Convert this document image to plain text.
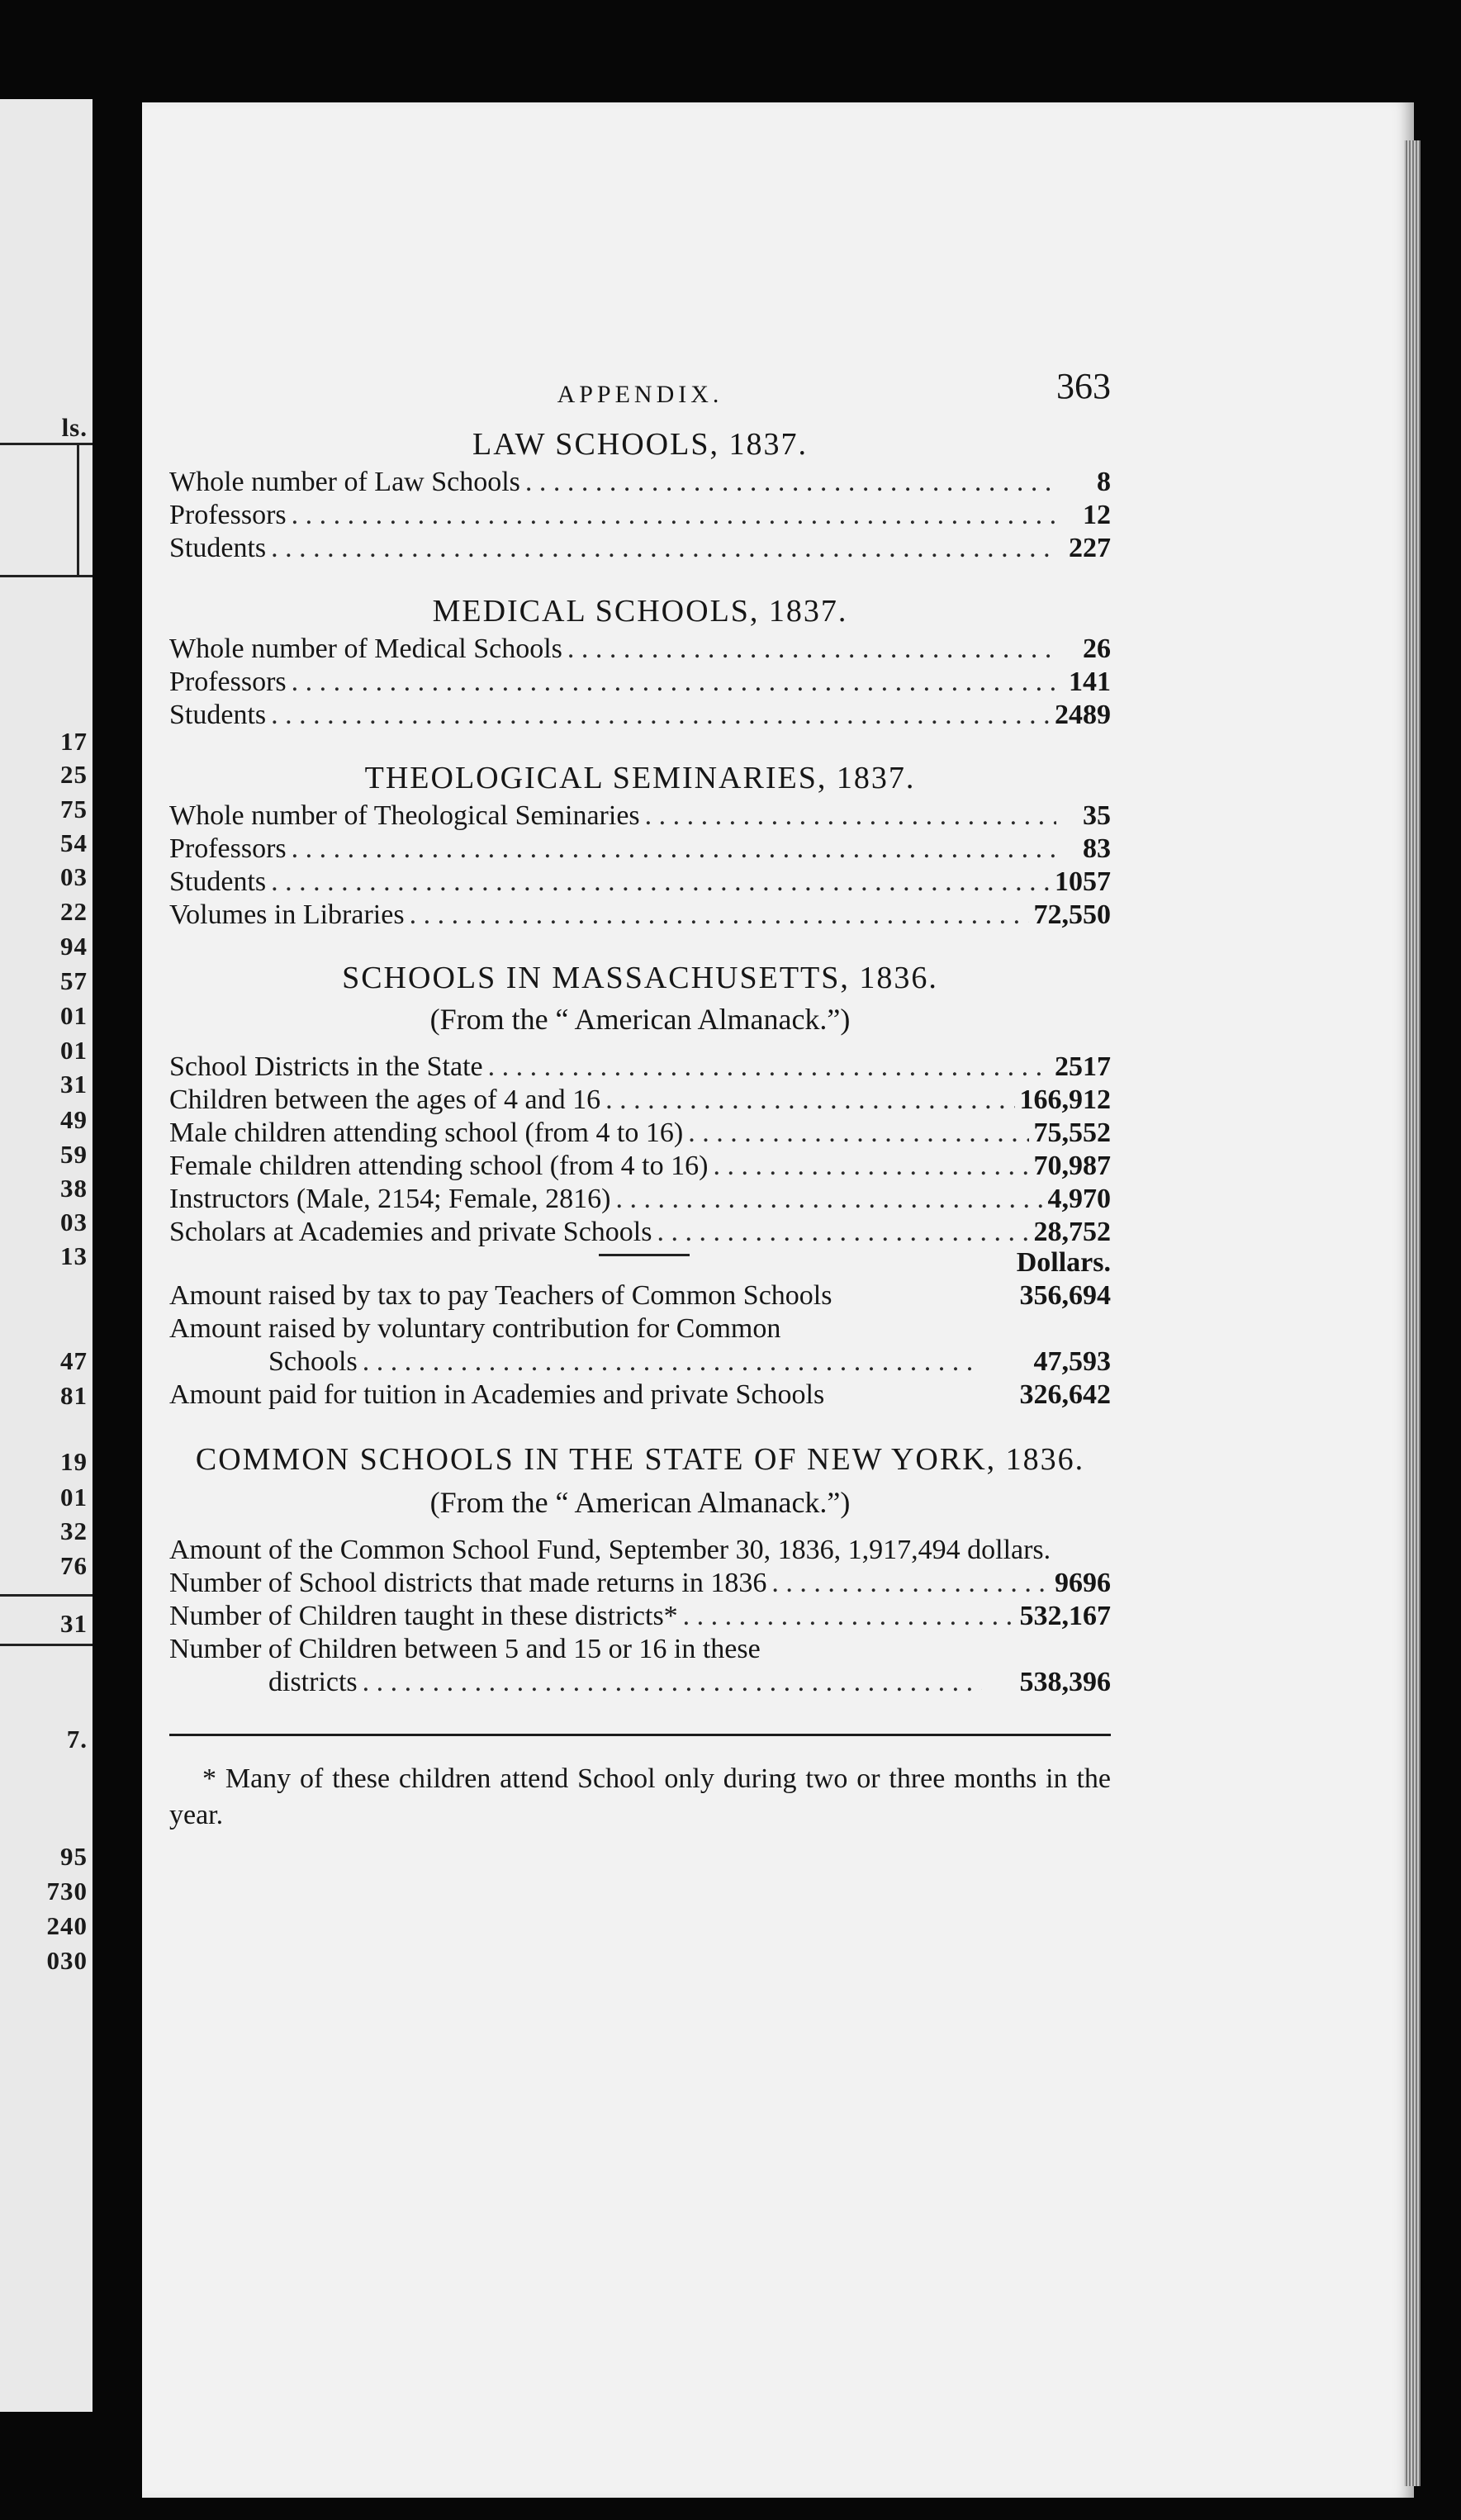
ls.
17
25
75
54
03
22
94
57
01
01
31
49
59
38
03
13
47
81
19
01
32
76
31
7.
95
730
240
030
APPENDIX.	363
LAW SCHOOLS, 1837.
Whole number of Law Schools . . .	8
Professors . . .	12
Students . . .	227
MEDICAL SCHOOLS, 1837.
Whole number of Medical Schools . . .	26
Professors . . .	141
Students . . .	2489
THEOLOGICAL SEMINARIES, 1837.
Whole number of Theological Seminaries . . .	35
Professors . . .	83
Students . . .	1057
Volumes in Libraries . . .	72,550
SCHOOLS IN MASSACHUSETTS, 1836.
(From the “ American Almanack.”)
School Districts in the State . . .	2517
Children between the ages of 4 and 16 . . .	166,912
Male children attending school (from 4 to 16) . . .	75,552
Female children attending school (from 4 to 16) . . .	70,987
Instructors (Male, 2154; Female, 2816) . . .	4,970
Scholars at Academies and private Schools . . .	28,752
Dollars.
Amount raised by tax to pay Teachers of Common Schools	356,694
Amount raised by voluntary contribution for Common
Schools . . .	47,593
Amount paid for tuition in Academies and private Schools	326,642
COMMON SCHOOLS IN THE STATE OF NEW YORK, 1836.
(From the “ American Almanack.”)
Amount of the Common School Fund, September 30, 1836, 1,917,494 dollars.
Number of School districts that made returns in 1836 . . .	9696
Number of Children taught in these districts* . . .	532,167
Number of Children between 5 and 15 or 16 in these
districts . . .	538,396
* Many of these children attend School only during two or three months in the year.
